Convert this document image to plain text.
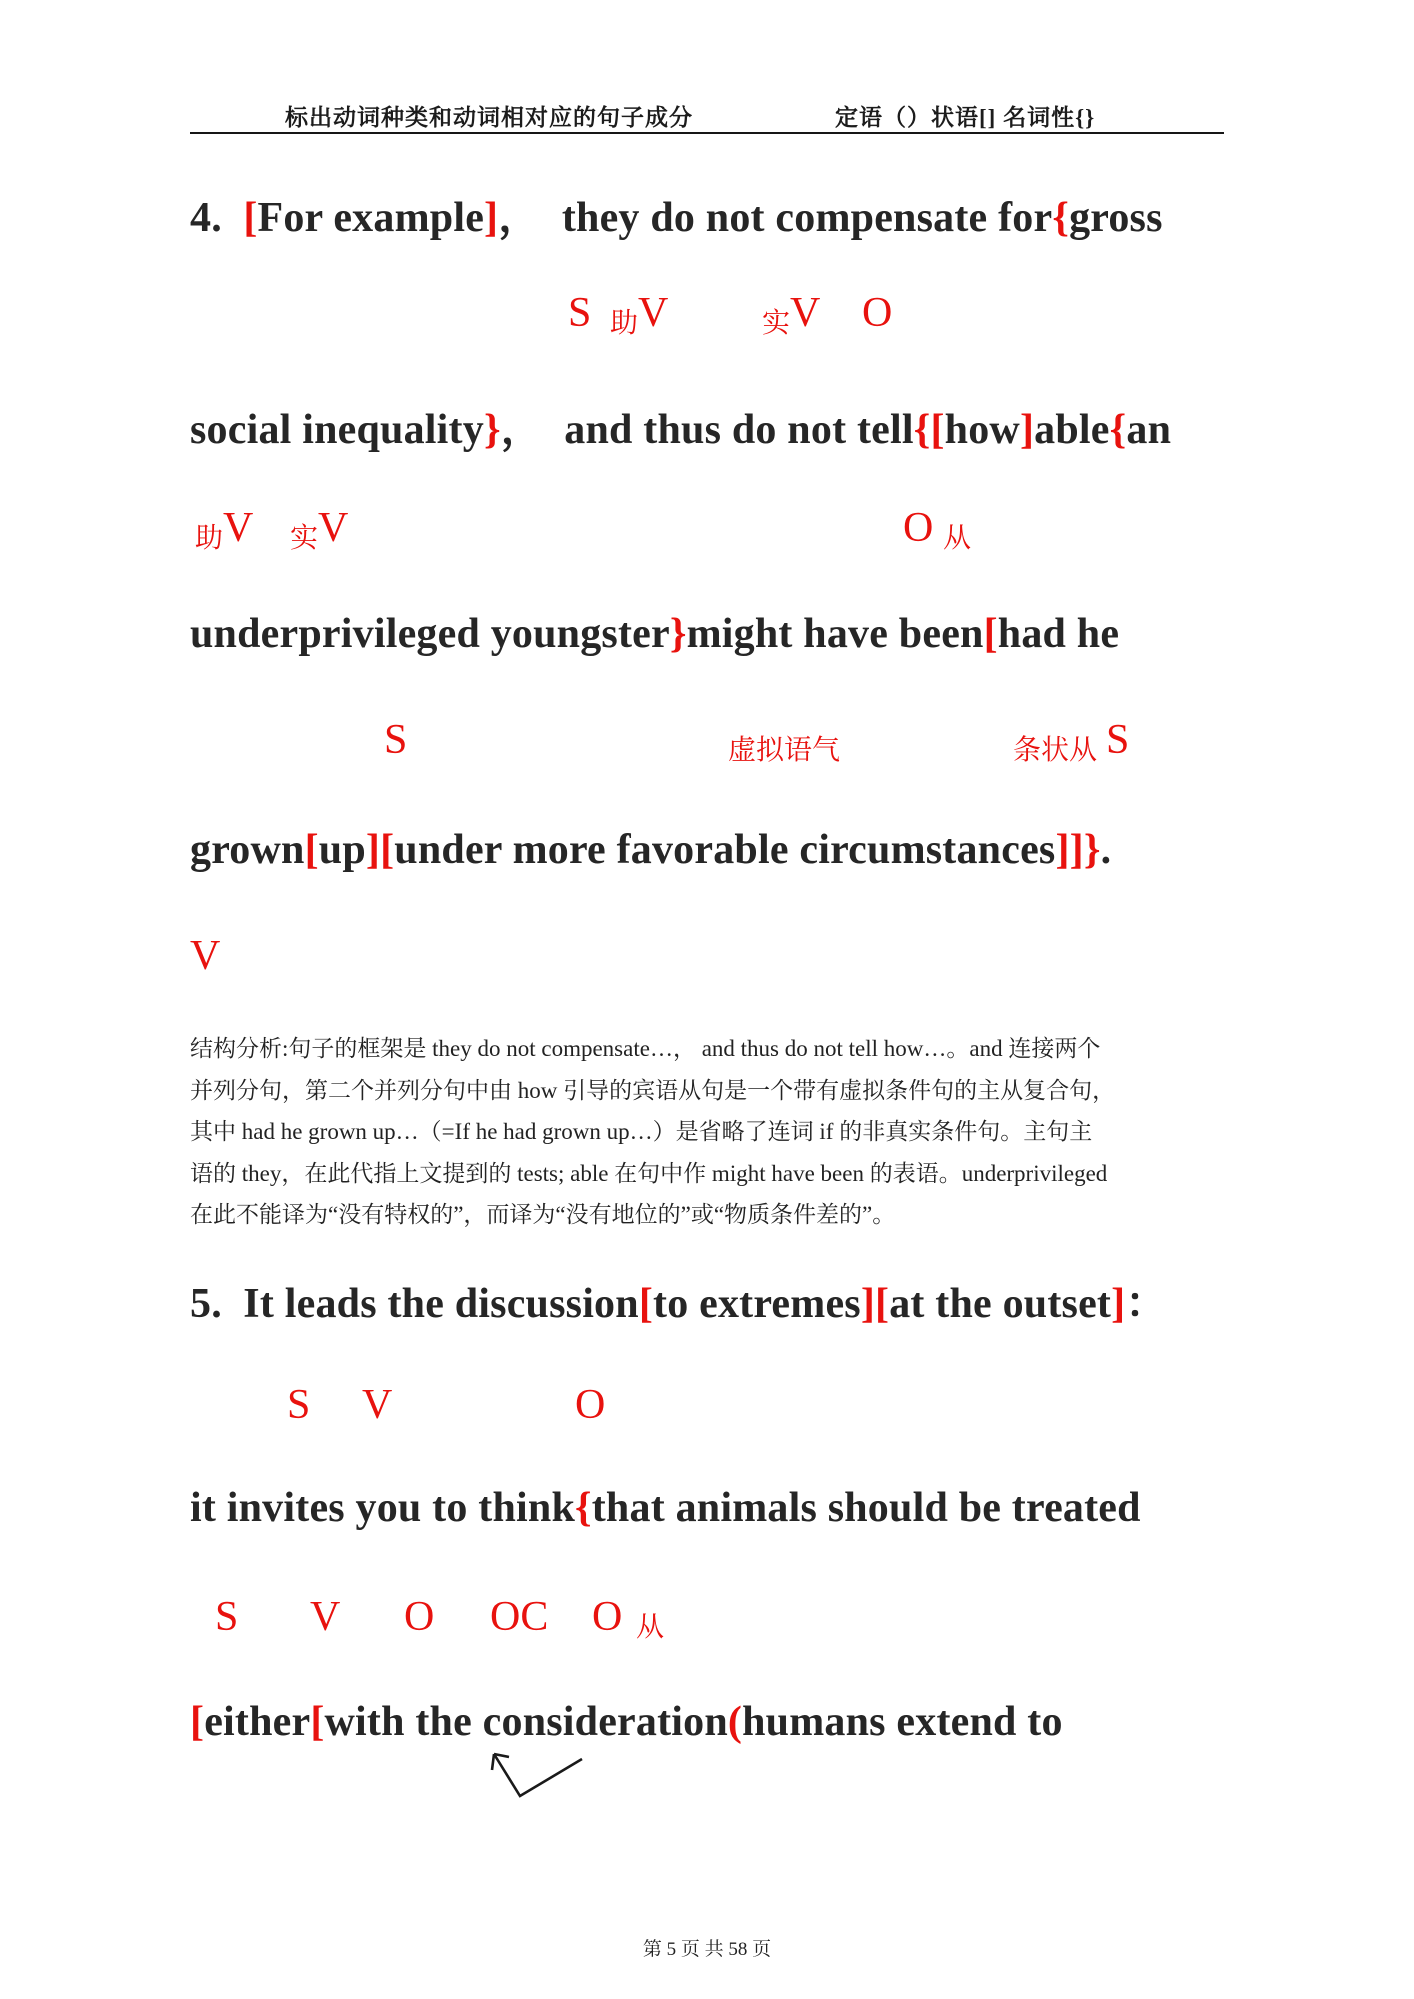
标出动词种类和动词相对应的句子成分	定语（）状语[] 名词性{}
4.  [For example]，  they do not compensate for{gross
S 助 V	实 V O
social inequality}，  and thus do not tell{[how]able{an
助 V 实 V	O 从
underprivileged youngster}might have been[had he
S	虚拟语气	条状从 S
grown[up][under more favorable circumstances]]}.
V
结构分析:句子的框架是 they do not compensate…， and thus do not tell how…。and 连接两个
并列分句，第二个并列分句中由 how 引导的宾语从句是一个带有虚拟条件句的主从复合句，
其中 had he grown up…（=If he had grown up…）是省略了连词 if 的非真实条件句。主句主
语的 they，在此代指上文提到的 tests; able 在句中作 might have been 的表语。underprivileged
在此不能译为“没有特权的”，而译为“没有地位的”或“物质条件差的”。
5.  It leads the discussion[to extremes][at the outset]：
S V	O
it invites you to think{that animals should be treated
S V O OC O 从
[either[with the consideration(humans extend to
第 5 页 共 58 页
